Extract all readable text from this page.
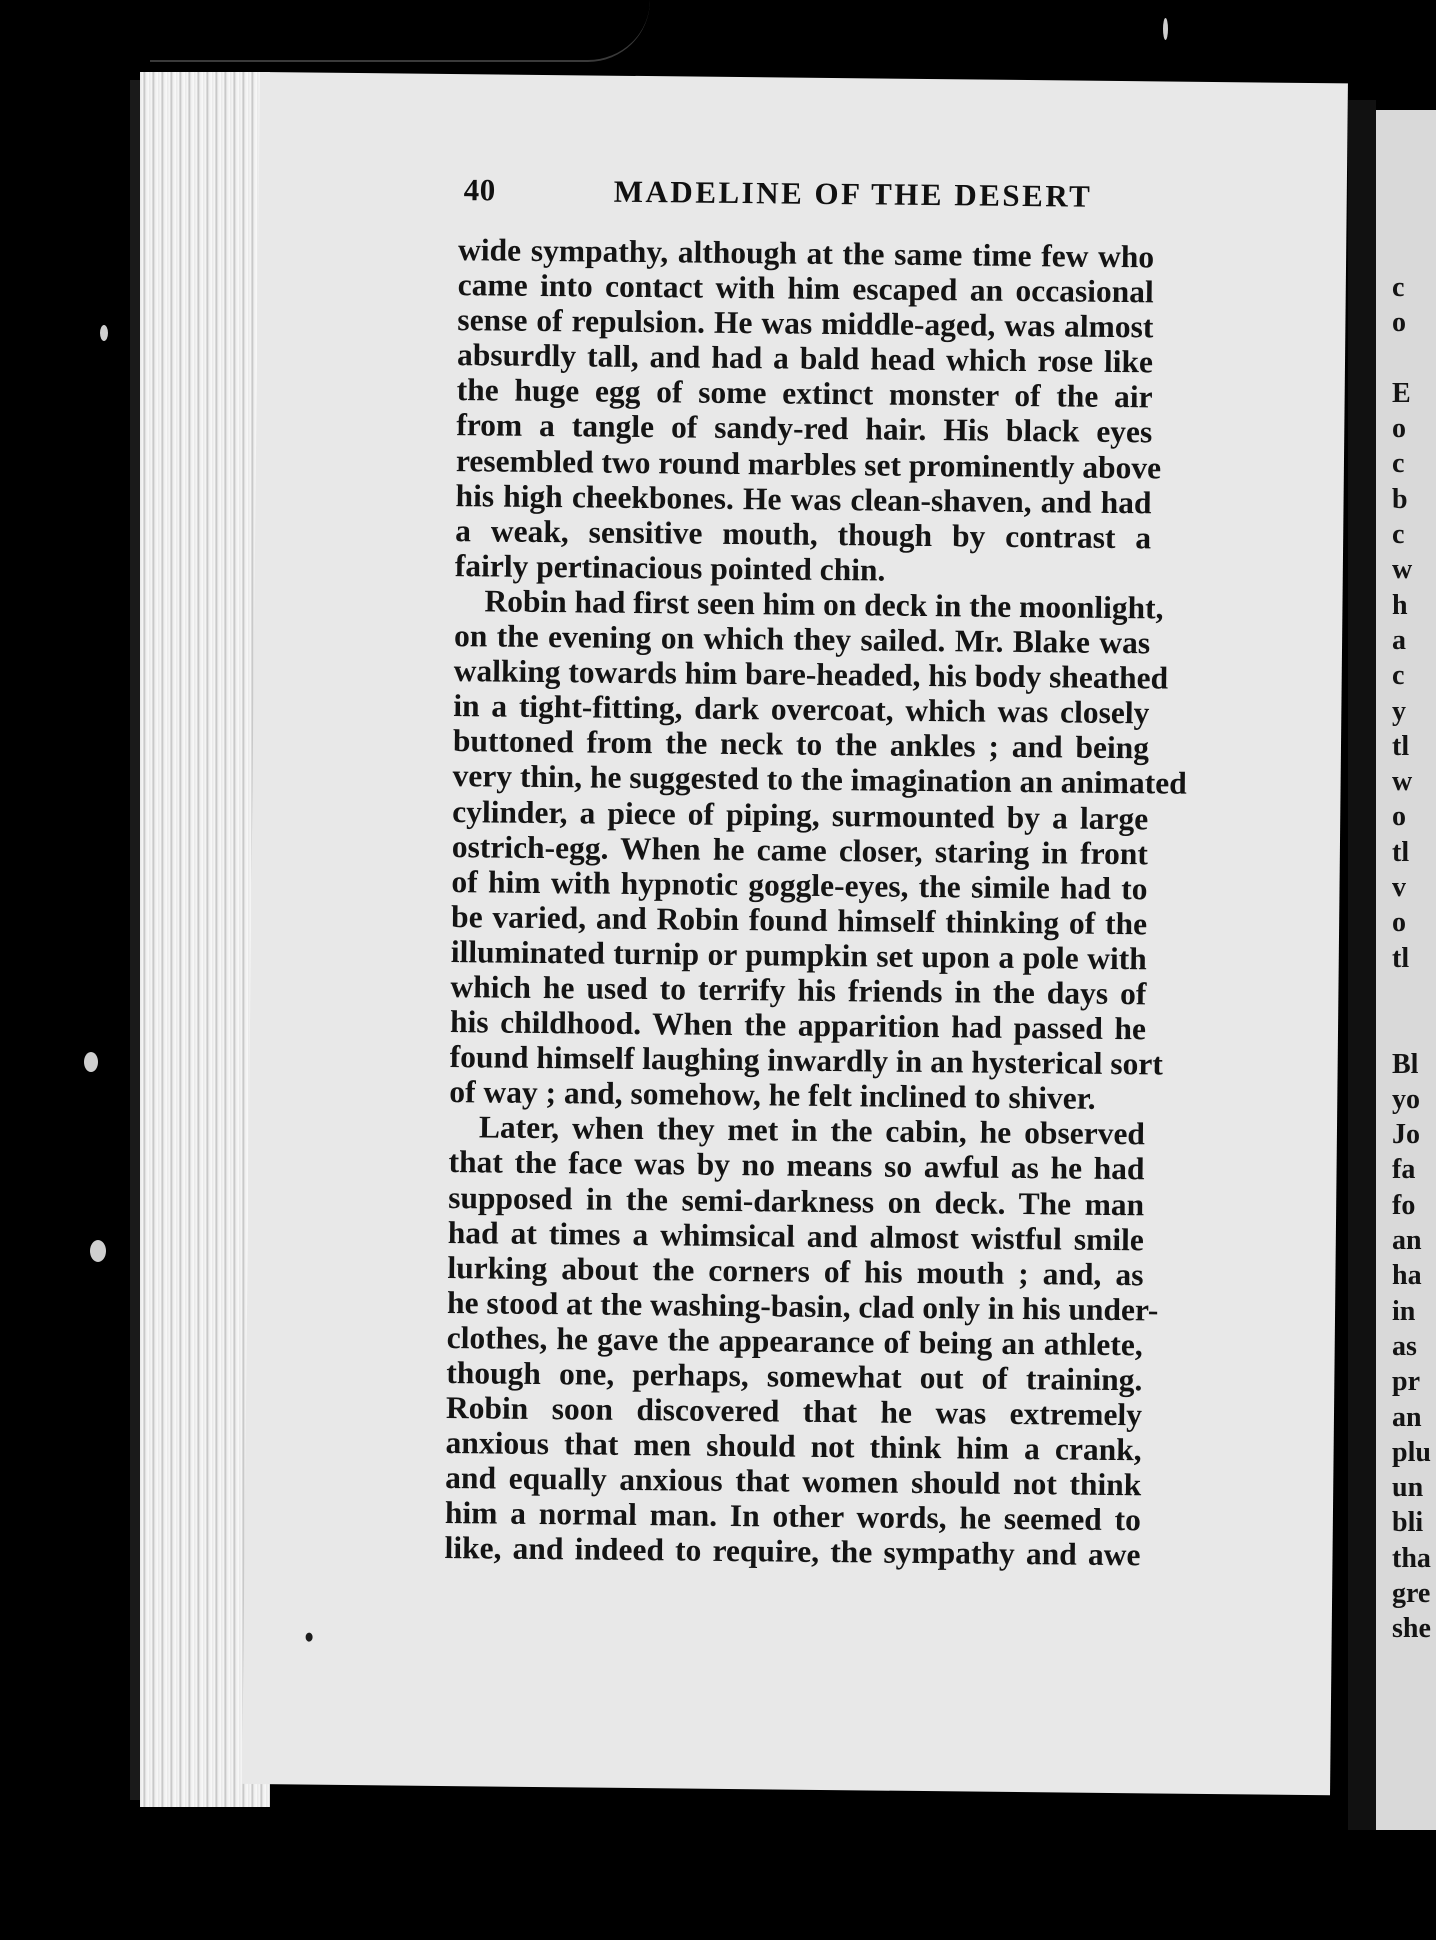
40	MADELINE OF THE DESERT
wide sympathy, although at the same time few who
came into contact with him escaped an occasional
sense of repulsion. He was middle-aged, was almost
absurdly tall, and had a bald head which rose like
the huge egg of some extinct monster of the air
from a tangle of sandy-red hair. His black eyes
resembled two round marbles set prominently above
his high cheekbones. He was clean-shaven, and had
a weak, sensitive mouth, though by contrast a
fairly pertinacious pointed chin.
Robin had first seen him on deck in the moonlight,
on the evening on which they sailed. Mr. Blake was
walking towards him bare-headed, his body sheathed
in a tight-fitting, dark overcoat, which was closely
buttoned from the neck to the ankles ; and being
very thin, he suggested to the imagination an animated
cylinder, a piece of piping, surmounted by a large
ostrich-egg. When he came closer, staring in front
of him with hypnotic goggle-eyes, the simile had to
be varied, and Robin found himself thinking of the
illuminated turnip or pumpkin set upon a pole with
which he used to terrify his friends in the days of
his childhood. When the apparition had passed he
found himself laughing inwardly in an hysterical sort
of way ; and, somehow, he felt inclined to shiver.
Later, when they met in the cabin, he observed
that the face was by no means so awful as he had
supposed in the semi-darkness on deck. The man
had at times a whimsical and almost wistful smile
lurking about the corners of his mouth ; and, as
he stood at the washing-basin, clad only in his under-
clothes, he gave the appearance of being an athlete,
though one, perhaps, somewhat out of training.
Robin soon discovered that he was extremely
anxious that men should not think him a crank,
and equally anxious that women should not think
him a normal man. In other words, he seemed to
like, and indeed to require, the sympathy and awe
c
o
E
o
c
b
c
w
h
a
c
y
tl
w
o
tl
v
o
tl
Bl
yo
Jo
fa
fo
an
ha
in
as
pr
an
plu
un
bli
tha
gre
she
